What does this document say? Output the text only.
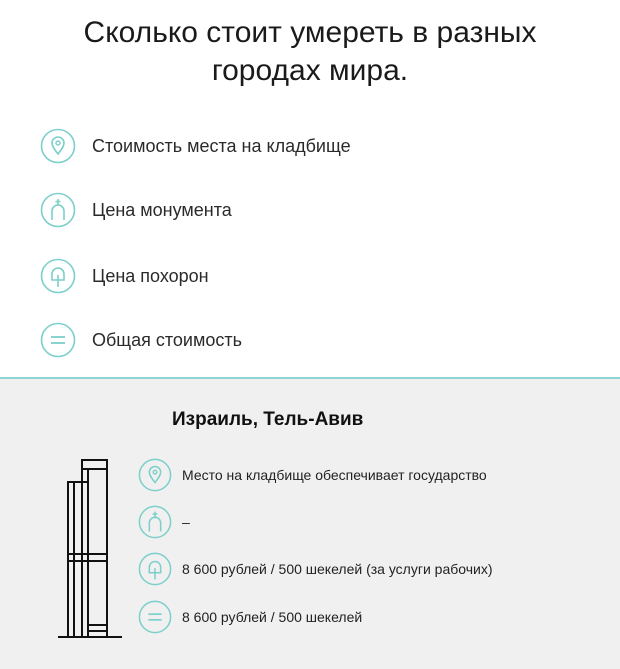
Сколько стоит умереть в разных
городах мира.
Стоимость места на кладбище
Цена монумента
Цена похорон
Общая стоимость
Израиль, Тель-Авив
Место на кладбище обеспечивает государство
–
8 600 рублей / 500 шекелей (за услуги рабочих)
8 600 рублей / 500 шекелей
